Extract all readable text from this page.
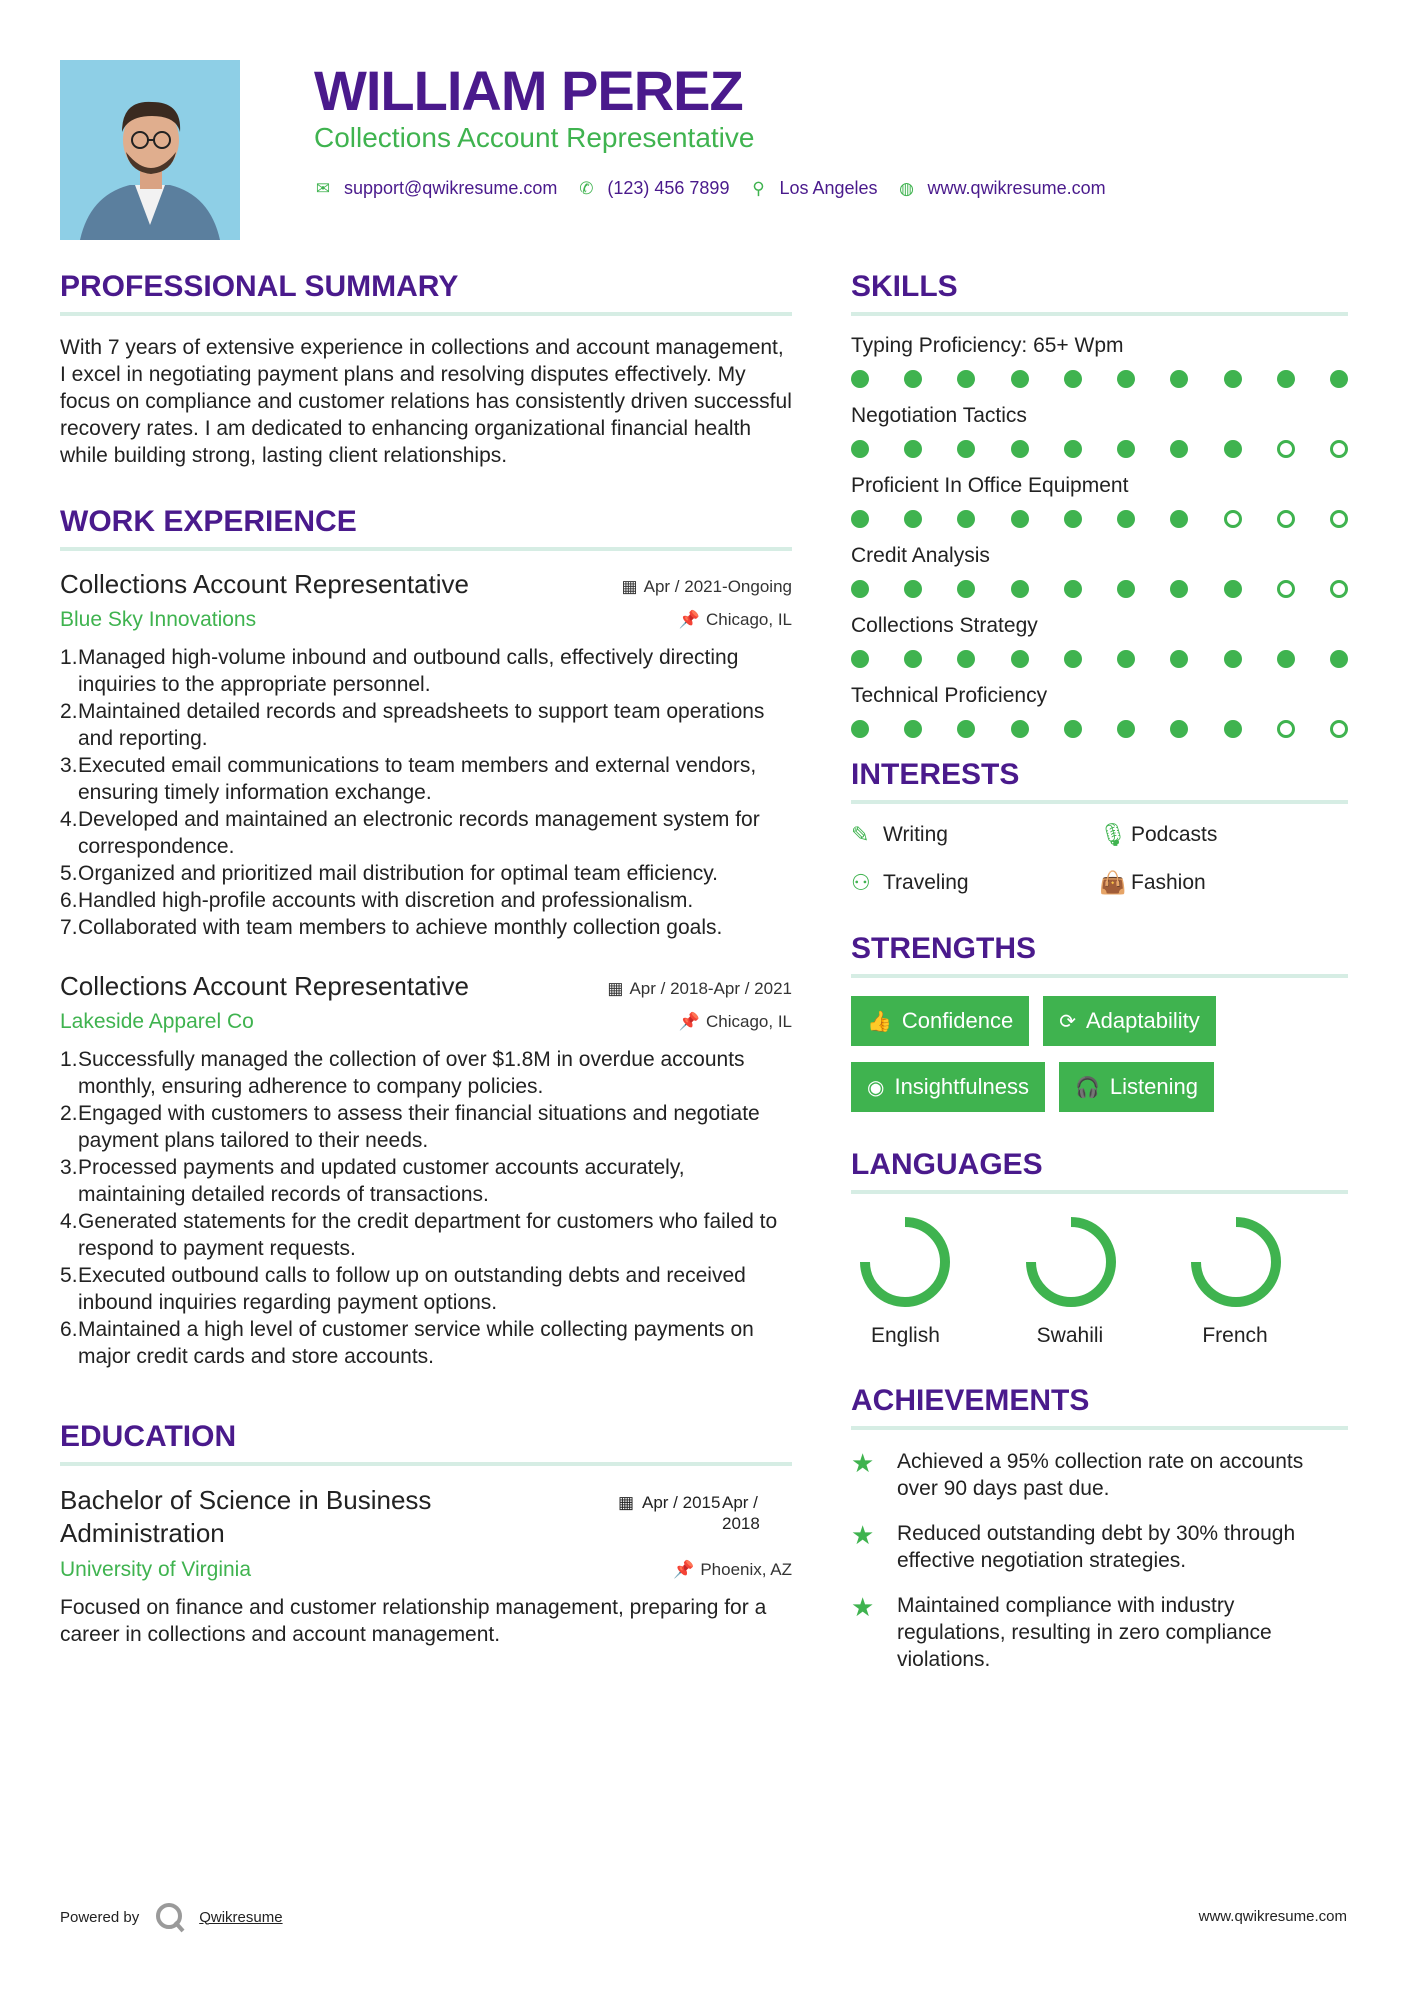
WILLIAM PEREZ
Collections Account Representative
✉ support@qwikresume.com ✆ (123) 456 7899 ⚲ Los Angeles ◍ www.qwikresume.com
PROFESSIONAL SUMMARY
With 7 years of extensive experience in collections and account management, I excel in negotiating payment plans and resolving disputes effectively. My focus on compliance and customer relations has consistently driven successful recovery rates. I am dedicated to enhancing organizational financial health while building strong, lasting client relationships.
WORK EXPERIENCE
Collections Account Representative	▦ Apr / 2021-Ongoing
Blue Sky Innovations	📌 Chicago, IL
Managed high-volume inbound and outbound calls, effectively directing inquiries to the appropriate personnel.
Maintained detailed records and spreadsheets to support team operations and reporting.
Executed email communications to team members and external vendors, ensuring timely information exchange.
Developed and maintained an electronic records management system for correspondence.
Organized and prioritized mail distribution for optimal team efficiency.
Handled high-profile accounts with discretion and professionalism.
Collaborated with team members to achieve monthly collection goals.
Collections Account Representative	▦ Apr / 2018-Apr / 2021
Lakeside Apparel Co	📌 Chicago, IL
Successfully managed the collection of over $1.8M in overdue accounts monthly, ensuring adherence to company policies.
Engaged with customers to assess their financial situations and negotiate payment plans tailored to their needs.
Processed payments and updated customer accounts accurately, maintaining detailed records of transactions.
Generated statements for the credit department for customers who failed to respond to payment requests.
Executed outbound calls to follow up on outstanding debts and received inbound inquiries regarding payment options.
Maintained a high level of customer service while collecting payments on major credit cards and store accounts.
EDUCATION
Bachelor of Science in Business Administration
▦ Apr / 2015 Apr / 2018
University of Virginia	📌 Phoenix, AZ
Focused on finance and customer relationship management, preparing for a career in collections and account management.
SKILLS
Typing Proficiency: 65+ Wpm
Negotiation Tactics
Proficient In Office Equipment
Credit Analysis
Collections Strategy
Technical Proficiency
INTERESTS
✎ Writing	🎙 Podcasts
⚇ Traveling	👜 Fashion
STRENGTHS
👍 Confidence ⟳ Adaptability
◉ Insightfulness 🎧 Listening
LANGUAGES
English	Swahili	French
ACHIEVEMENTS
★	Achieved a 95% collection rate on accounts over 90 days past due.
★	Reduced outstanding debt by 30% through effective negotiation strategies.
★	Maintained compliance with industry regulations, resulting in zero compliance violations.
Powered by	Qwikresume	www.qwikresume.com
